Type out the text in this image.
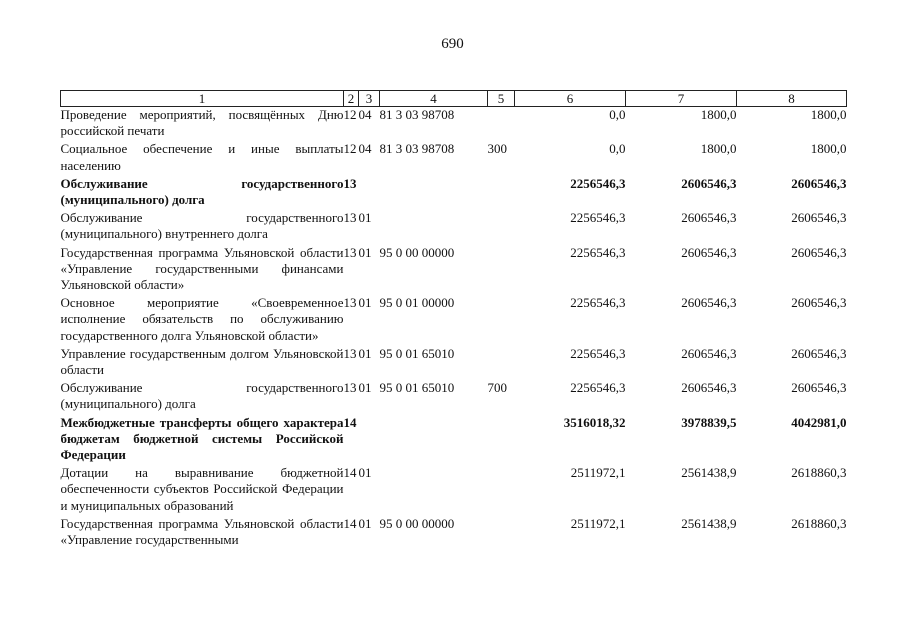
690
1	2	3	4	5	6	7	8
Проведение мероприятий, посвящённых Дню российской печати	12	04	81 3 03 98708		0,0	1800,0	1800,0
Социальное обеспечение и иные выплаты населению	12	04	81 3 03 98708	300	0,0	1800,0	1800,0
Обслуживание государственного (муниципального) долга	13				2256546,3	2606546,3	2606546,3
Обслуживание государственного (муниципального) внутреннего долга	13	01			2256546,3	2606546,3	2606546,3
Государственная программа Ульяновской области «Управление государственными финансами Ульяновской области»	13	01	95 0 00 00000		2256546,3	2606546,3	2606546,3
Основное мероприятие «Своевременное исполнение обязательств по обслуживанию государственного долга Ульяновской области»	13	01	95 0 01 00000		2256546,3	2606546,3	2606546,3
Управление государственным долгом Ульяновской области	13	01	95 0 01 65010		2256546,3	2606546,3	2606546,3
Обслуживание государственного (муниципального) долга	13	01	95 0 01 65010	700	2256546,3	2606546,3	2606546,3
Межбюджетные трансферты общего характера бюджетам бюджетной системы Российской Федерации	14				3516018,32	3978839,5	4042981,0
Дотации на выравнивание бюджетной обеспеченности субъектов Российской Федерации и муниципальных образований	14	01			2511972,1	2561438,9	2618860,3
Государственная программа Ульяновской области «Управление государственными	14	01	95 0 00 00000		2511972,1	2561438,9	2618860,3
